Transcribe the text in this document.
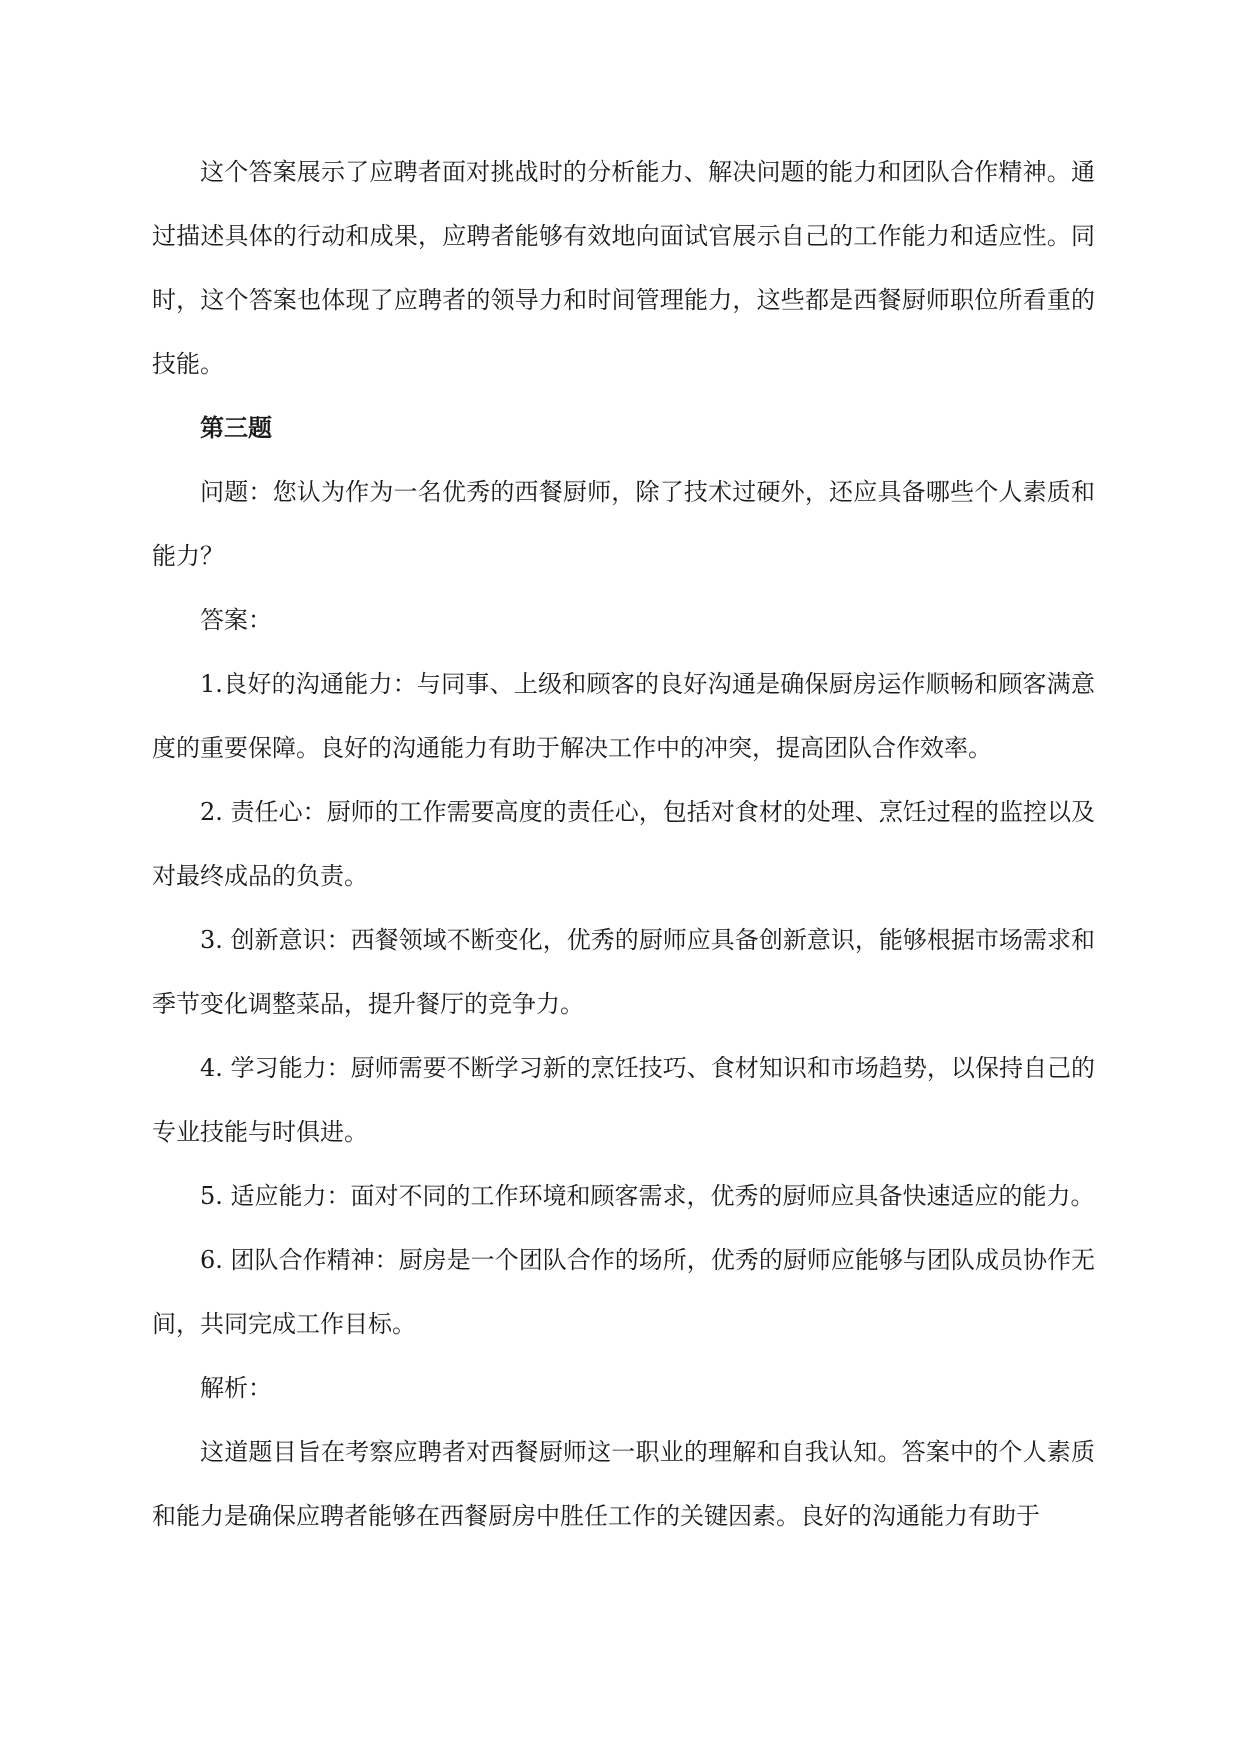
这个答案展示了应聘者面对挑战时的分析能力、解决问题的能力和团队合作精神。通过描述具体的行动和成果，应聘者能够有效地向面试官展示自己的工作能力和适应性。同时，这个答案也体现了应聘者的领导力和时间管理能力，这些都是西餐厨师职位所看重的技能。

第三题

问题：您认为作为一名优秀的西餐厨师，除了技术过硬外，还应具备哪些个人素质和能力？

答案：

1.良好的沟通能力：与同事、上级和顾客的良好沟通是确保厨房运作顺畅和顾客满意度的重要保障。良好的沟通能力有助于解决工作中的冲突，提高团队合作效率。

2. 责任心：厨师的工作需要高度的责任心，包括对食材的处理、烹饪过程的监控以及对最终成品的负责。

3. 创新意识：西餐领域不断变化，优秀的厨师应具备创新意识，能够根据市场需求和季节变化调整菜品，提升餐厅的竞争力。

4. 学习能力：厨师需要不断学习新的烹饪技巧、食材知识和市场趋势，以保持自己的专业技能与时俱进。

5. 适应能力：面对不同的工作环境和顾客需求，优秀的厨师应具备快速适应的能力。

6. 团队合作精神：厨房是一个团队合作的场所，优秀的厨师应能够与团队成员协作无间，共同完成工作目标。

解析：

这道题目旨在考察应聘者对西餐厨师这一职业的理解和自我认知。答案中的个人素质和能力是确保应聘者能够在西餐厨房中胜任工作的关键因素。良好的沟通能力有助于
